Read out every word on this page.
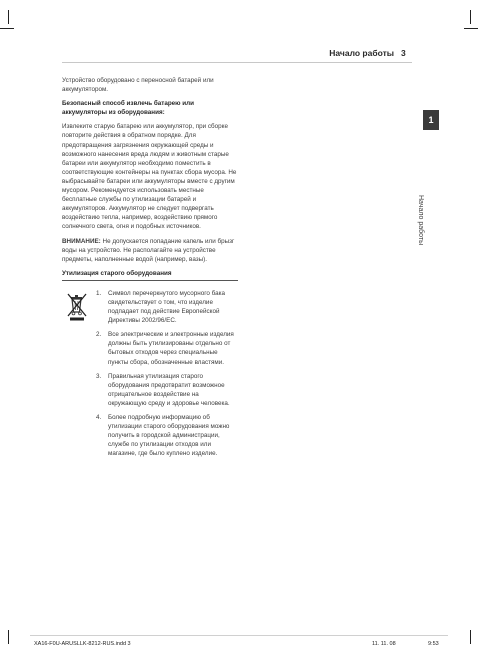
Начало работы 3
1
Начало работы

Устройство оборудовано с переносной батарей или аккумулятором.

Безопасный способ извлечь батарею или аккумуляторы из оборудования:

Извлеките старую батарею или аккумулятор, при сборке повторите действия в обратном порядке. Для предотвращения загрязнения окружающей среды и возможного нанесения вреда людям и животным старые батареи или аккумулятор необходимо поместить в соответствующие контейнеры на пунктах сбора мусора. Не выбрасывайте батареи или аккумуляторы вместе с другим мусором. Рекомендуется использовать местные бесплатные службы по утилизации батарей и аккумуляторов. Аккумулятор не следует подвергать воздействию тепла, например, воздействию прямого солнечного света, огня и подобных источников.

ВНИМАНИЕ: Не допускается попадание капель или брызг воды на устройство. Не располагайте на устройстве предметы, наполненные водой (например, вазы).

Утилизация старого оборудования
1. Символ перечеркнутого мусорного бака свидетельствует о том, что изделие подпадает под действие Европейской Директивы 2002/96/EC.
2. Все электрические и электронные изделия должны быть утилизированы отдельно от бытовых отходов через специальные пункты сбора, обозначенные властями.
3. Правильная утилизация старого оборудования предотвратит возможное отрицательное воздействие на окружающую среду и здоровье человека.
4. Более подробную информацию об утилизации старого оборудования можно получить в городской администрации, службе по утилизации отходов или магазине, где было куплено изделие.
XA16-F0U-ARUSLLK-8212-RUS.indd 3	11. 11. 08	9:53
